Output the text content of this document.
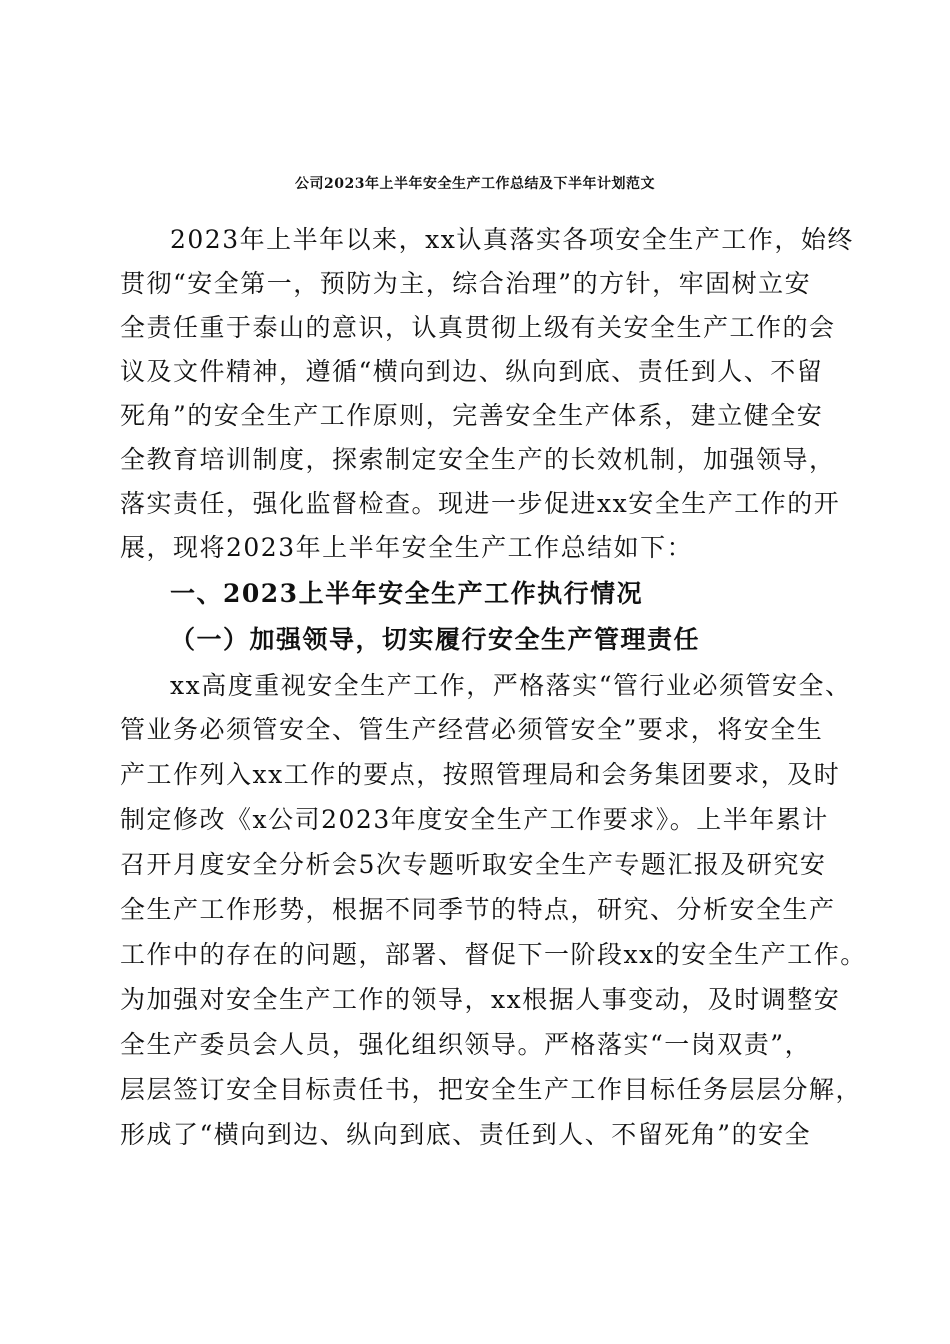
公司2023年上半年安全生产工作总结及下半年计划范文
2023年上半年以来，xx认真落实各项安全生产工作，始终
贯彻“安全第一，预防为主，综合治理”的方针，牢固树立安
全责任重于泰山的意识，认真贯彻上级有关安全生产工作的会
议及文件精神，遵循“横向到边、纵向到底、责任到人、不留
死角”的安全生产工作原则，完善安全生产体系，建立健全安
全教育培训制度，探索制定安全生产的长效机制，加强领导，
落实责任，强化监督检查。现进一步促进xx安全生产工作的开
展，现将2023年上半年安全生产工作总结如下：
一、2023上半年安全生产工作执行情况
（一）加强领导，切实履行安全生产管理责任
xx高度重视安全生产工作，严格落实“管行业必须管安全、
管业务必须管安全、管生产经营必须管安全”要求，将安全生
产工作列入xx工作的要点，按照管理局和会务集团要求，及时
制定修改《x公司2023年度安全生产工作要求》。上半年累计
召开月度安全分析会5次专题听取安全生产专题汇报及研究安
全生产工作形势，根据不同季节的特点，研究、分析安全生产
工作中的存在的问题，部署、督促下一阶段xx的安全生产工作。
为加强对安全生产工作的领导，xx根据人事变动，及时调整安
全生产委员会人员，强化组织领导。严格落实“一岗双责”，
层层签订安全目标责任书，把安全生产工作目标任务层层分解，
形成了“横向到边、纵向到底、责任到人、不留死角”的安全
